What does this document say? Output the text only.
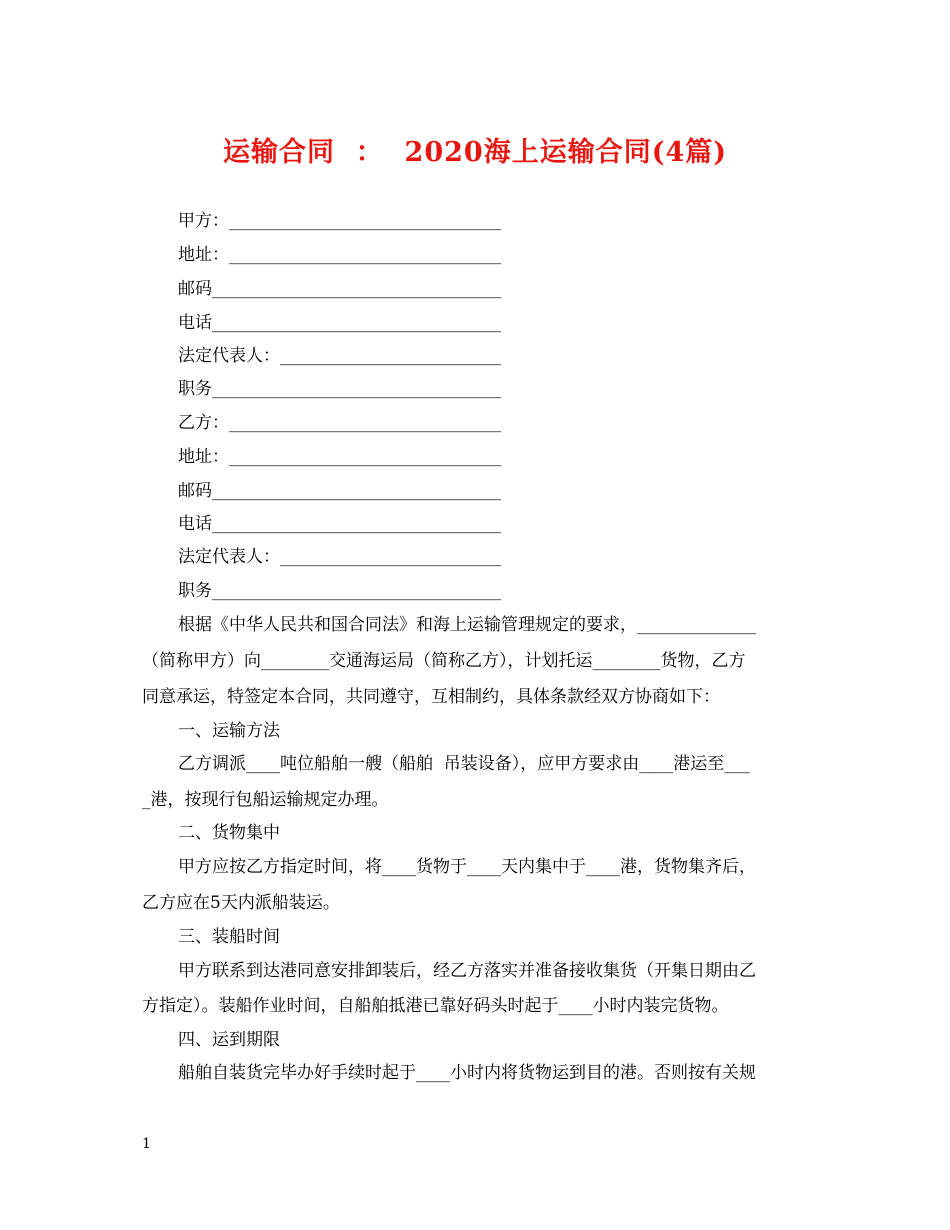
运输合同  ：  2020海上运输合同(4篇)
甲方：________________________________
地址：________________________________
邮码__________________________________
电话__________________________________
法定代表人：__________________________
职务__________________________________
乙方：________________________________
地址：________________________________
邮码__________________________________
电话__________________________________
法定代表人：__________________________
职务__________________________________
根据《中华人民共和国合同法》和海上运输管理规定的要求，______________
（简称甲方）向________交通海运局（简称乙方），计划托运________货物，乙方
同意承运，特签定本合同，共同遵守，互相制约，具体条款经双方协商如下：
一、运输方法
乙方调派____吨位船舶一艘（船舶  吊装设备），应甲方要求由____港运至___
_港，按现行包船运输规定办理。
二、货物集中
甲方应按乙方指定时间，将____货物于____天内集中于____港，货物集齐后，
乙方应在5天内派船装运。
三、装船时间
甲方联系到达港同意安排卸装后，经乙方落实并准备接收集货（开集日期由乙
方指定）。装船作业时间，自船舶抵港已靠好码头时起于____小时内装完货物。
四、运到期限
船舶自装货完毕办好手续时起于____小时内将货物运到目的港。否则按有关规
1
